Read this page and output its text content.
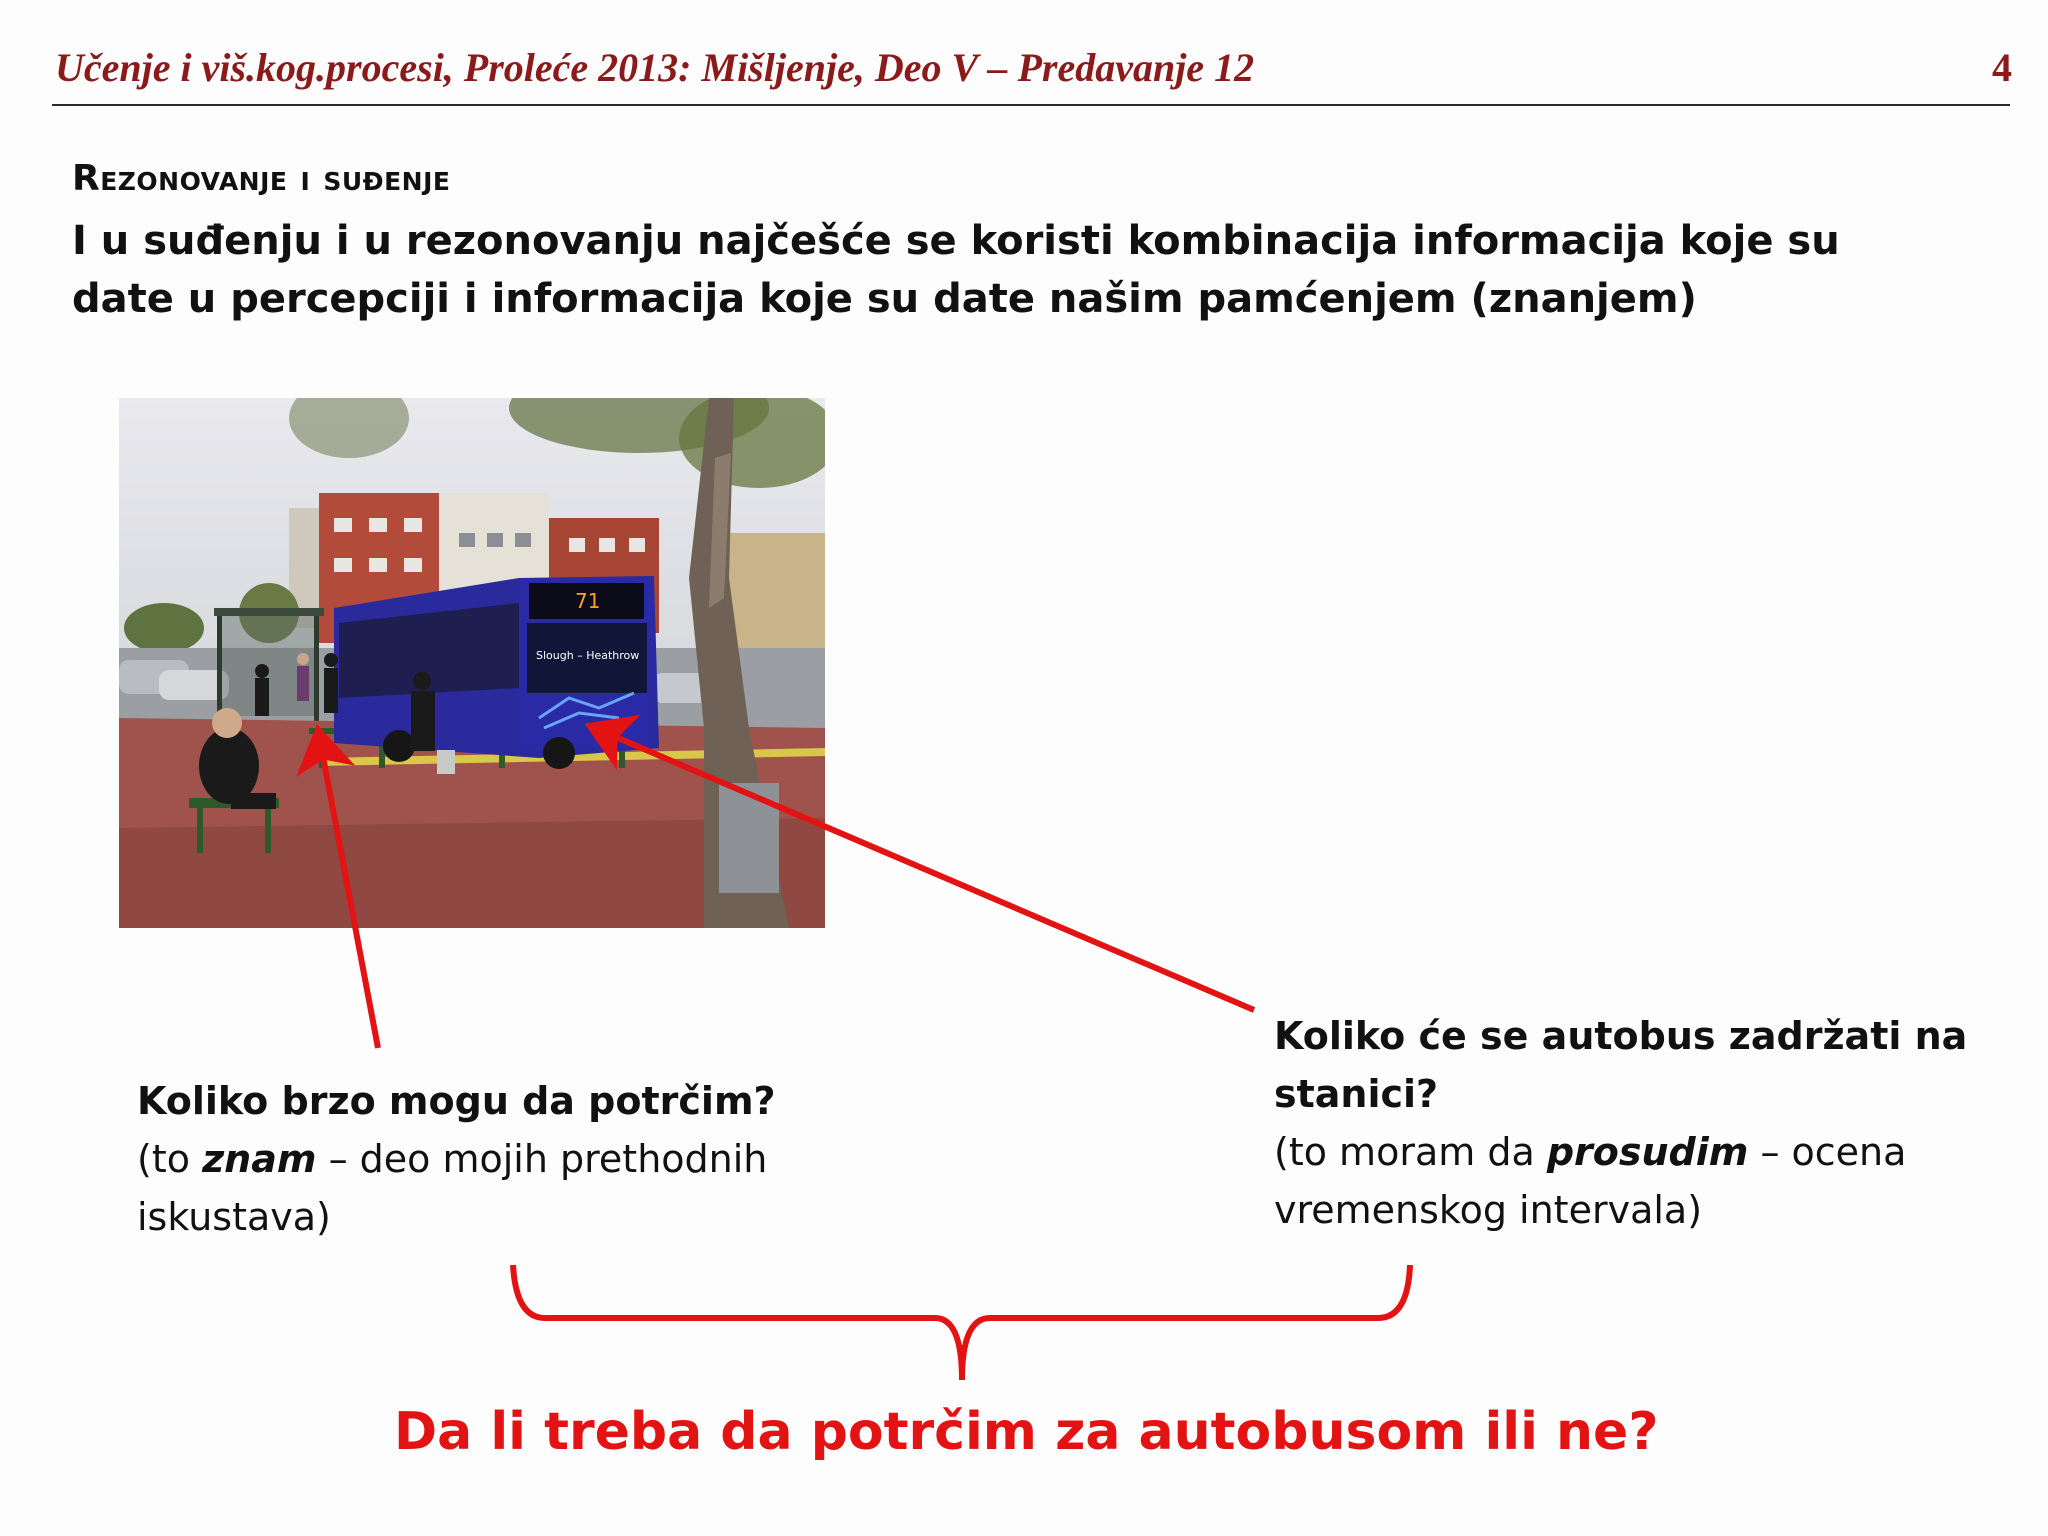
Učenje i viš.kog.procesi, Proleće 2013: Mišljenje, Deo V – Predavanje 12	4
Rezonovanje i suđenje
I u suđenju i u rezonovanju najčešće se koristi kombinacija informacija koje su date u percepciji i informacija koje su date našim pamćenjem (znanjem)
71
Slough – Heathrow
Koliko brzo mogu da potrčim?
(to znam – deo mojih prethodnih iskustava)
Koliko će se autobus zadržati na stanici?
(to moram da prosudim – ocena vremenskog intervala)
Da li treba da potrčim za autobusom ili ne?
